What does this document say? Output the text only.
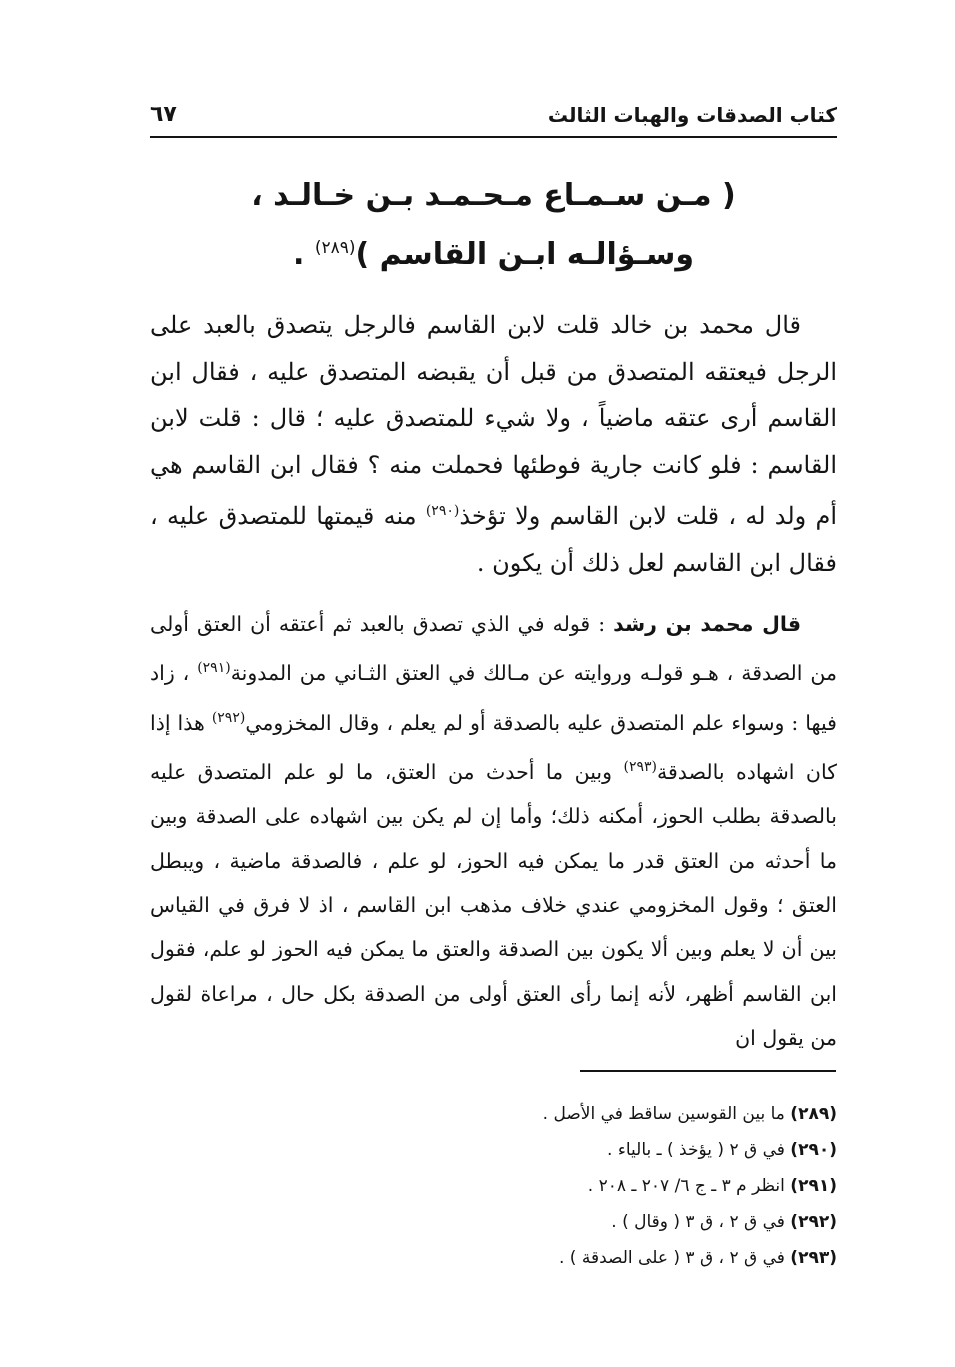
كتاب الصدقات والهبات الثالث
٦٧
( مـن سـمـاع مـحـمـد بـن خـالـد ،
وسـؤالـه ابـن القاسم )$^{(٢٨٩)}$ .
قال محمد بن خالد قلت لابن القاسم فالرجل يتصدق بالعبد على الرجل فيعتقه المتصدق من قبل أن يقبضه المتصدق عليه ، فقال ابن القاسم أرى عتقه ماضياً ، ولا شيء للمتصدق عليه ؛ قال : قلت لابن القاسم : فلو كانت جارية فوطئها فحملت منه ؟ فقال ابن القاسم هي أم ولد له ، قلت لابن القاسم ولا تؤخذ$^{(٢٩٠)}$ منه قيمتها للمتصدق عليه ، فقال ابن القاسم لعل ذلك أن يكون .
قال محمد بن رشد : قوله في الذي تصدق بالعبد ثم أعتقه أن العتق أولى من الصدقة ، هـو قولـه وروايته عن مـالك في العتق الثـاني من المدونة$^{(٢٩١)}$ ، زاد فيها : وسواء علم المتصدق عليه بالصدقة أو لم يعلم ، وقال المخزومي$^{(٢٩٢)}$ هذا إذا كان اشهاده بالصدقة$^{(٢٩٣)}$ وبين ما أحدث من العتق، ما لو علم المتصدق عليه بالصدقة بطلب الحوز، أمكنه ذلك؛ وأما إن لم يكن بين اشهاده على الصدقة وبين ما أحدثه من العتق قدر ما يمكن فيه الحوز، لو علم ، فالصدقة ماضية ، ويبطل العتق ؛ وقول المخزومي عندي خلاف مذهب ابن القاسم ، اذ لا فرق في القياس بين أن لا يعلم وبين ألا يكون بين الصدقة والعتق ما يمكن فيه الحوز لو علم، فقول ابن القاسم أظهر، لأنه إنما رأى العتق أولى من الصدقة بكل حال ، مراعاة لقول من يقول ان
(٢٨٩) ما بين القوسين ساقط في الأصل .
(٢٩٠) في ق ٢ ( يؤخذ ) ـ بالياء .
(٢٩١) انظر م ٣ ـ ج ٦/ ٢٠٧ ـ ٢٠٨ .
(٢٩٢) في ق ٢ ، ق ٣ ( وقال ) .
(٢٩٣) في ق ٢ ، ق ٣ ( على الصدقة ) .
